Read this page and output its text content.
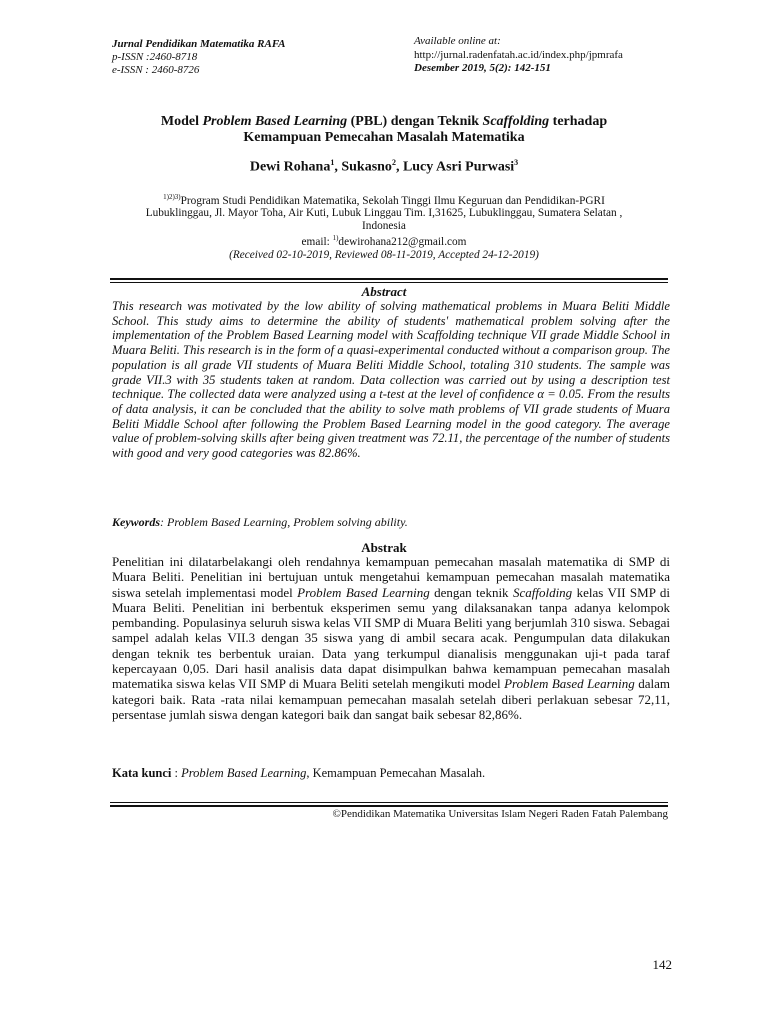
Jurnal Pendidikan Matematika RAFA
p-ISSN :2460-8718
e-ISSN : 2460-8726
Available online at:
http://jurnal.radenfatah.ac.id/index.php/jpmrafa
Desember 2019, 5(2): 142-151
Model Problem Based Learning (PBL) dengan Teknik Scaffolding terhadap
Kemampuan Pemecahan Masalah Matematika
Dewi Rohana$^1$, Sukasno$^2$, Lucy Asri Purwasi$^3$
$^{1)2)3)}$Program Studi Pendidikan Matematika, Sekolah Tinggi Ilmu Keguruan dan Pendidikan-PGRI
Lubuklinggau, Jl. Mayor Toha, Air Kuti, Lubuk Linggau Tim. I,31625, Lubuklinggau, Sumatera Selatan ,
Indonesia
email: $^{1)}$dewirohana212@gmail.com
(Received 02-10-2019, Reviewed 08-11-2019, Accepted 24-12-2019)
Abstract
This research was motivated by the low ability of solving mathematical problems in Muara Beliti Middle School. This study aims to determine the ability of students' mathematical problem solving after the implementation of the Problem Based Learning model with Scaffolding technique VII grade Middle School in Muara Beliti. This research is in the form of a quasi-experimental conducted without a comparison group. The population is all grade VII students of Muara Beliti Middle School, totaling 310 students. The sample was grade VII.3 with 35 students taken at random. Data collection was carried out by using a description test technique. The collected data were analyzed using a t-test at the level of confidence α = 0.05. From the results of data analysis, it can be concluded that the ability to solve math problems of VII grade students of Muara Beliti Middle School after following the Problem Based Learning model in the good category. The average value of problem-solving skills after being given treatment was 72.11, the percentage of the number of students with good and very good categories was 82.86%.
Keywords: Problem Based Learning, Problem solving ability.
Abstrak
Penelitian ini dilatarbelakangi oleh rendahnya kemampuan pemecahan masalah matematika di SMP di Muara Beliti. Penelitian ini bertujuan untuk mengetahui kemampuan pemecahan masalah matematika siswa setelah implementasi model Problem Based Learning dengan teknik Scaffolding kelas VII SMP di Muara Beliti. Penelitian ini berbentuk eksperimen semu yang dilaksanakan tanpa adanya kelompok pembanding. Populasinya seluruh siswa kelas VII SMP di Muara Beliti yang berjumlah 310 siswa. Sebagai sampel adalah kelas VII.3 dengan 35 siswa yang di ambil secara acak. Pengumpulan data dilakukan dengan teknik tes berbentuk uraian. Data yang terkumpul dianalisis menggunakan uji-t pada taraf kepercayaan 0,05. Dari hasil analisis data dapat disimpulkan bahwa kemampuan pemecahan masalah matematika siswa kelas VII SMP di Muara Beliti setelah mengikuti model Problem Based Learning dalam kategori baik. Rata -rata nilai kemampuan pemecahan masalah setelah diberi perlakuan sebesar 72,11, persentase jumlah siswa dengan kategori baik dan sangat baik sebesar 82,86%.
Kata kunci : Problem Based Learning, Kemampuan Pemecahan Masalah.
©Pendidikan Matematika Universitas Islam Negeri Raden Fatah Palembang
142
